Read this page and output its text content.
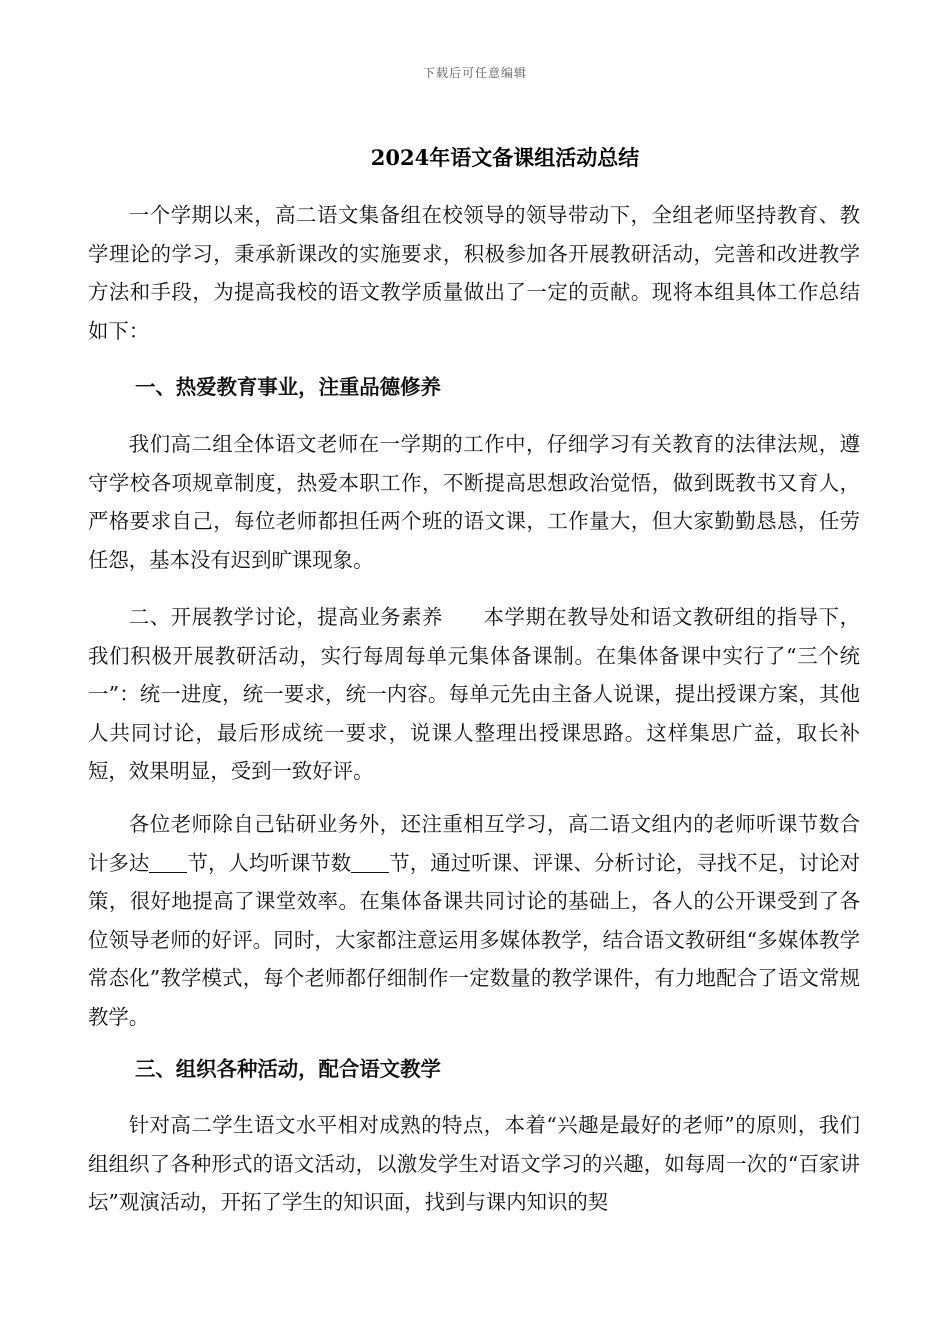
下载后可任意编辑
2024年语文备课组活动总结

一个学期以来，高二语文集备组在校领导的领导带动下，全组老师坚持教育、教学理论的学习，秉承新课改的实施要求，积极参加各开展教研活动，完善和改进教学方法和手段，为提高我校的语文教学质量做出了一定的贡献。现将本组具体工作总结如下：

一、热爱教育事业，注重品德修养

我们高二组全体语文老师在一学期的工作中，仔细学习有关教育的法律法规，遵守学校各项规章制度，热爱本职工作，不断提高思想政治觉悟，做到既教书又育人，严格要求自己，每位老师都担任两个班的语文课，工作量大，但大家勤勤恳恳，任劳任怨，基本没有迟到旷课现象。

二、开展教学讨论，提高业务素养 本学期在教导处和语文教研组的指导下，我们积极开展教研活动，实行每周每单元集体备课制。在集体备课中实行了“三个统一”：统一进度，统一要求，统一内容。每单元先由主备人说课，提出授课方案，其他人共同讨论，最后形成统一要求，说课人整理出授课思路。这样集思广益，取长补短，效果明显，受到一致好评。

各位老师除自己钻研业务外，还注重相互学习，高二语文组内的老师听课节数合计多达 节，人均听课节数 节，通过听课、评课、分析讨论，寻找不足，讨论对策，很好地提高了课堂效率。在集体备课共同讨论的基础上，各人的公开课受到了各位领导老师的好评。同时，大家都注意运用多媒体教学，结合语文教研组“多媒体教学常态化”教学模式，每个老师都仔细制作一定数量的教学课件，有力地配合了语文常规教学。

三、组织各种活动，配合语文教学

针对高二学生语文水平相对成熟的特点，本着“兴趣是最好的老师”的原则，我们组组织了各种形式的语文活动，以激发学生对语文学习的兴趣，如每周一次的“百家讲坛”观演活动，开拓了学生的知识面，找到与课内知识的契
